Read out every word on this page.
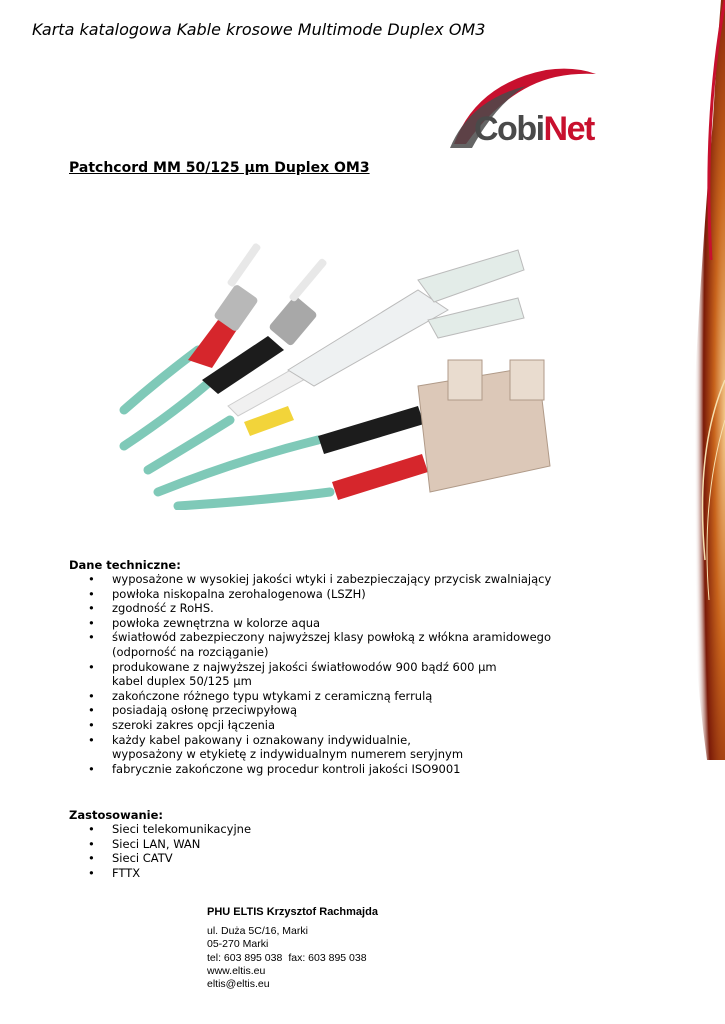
Karta katalogowa Kable krosowe Multimode Duplex OM3
CobiNet
Patchcord MM 50/125 µm Duplex OM3
Dane techniczne:
• wyposażone w wysokiej jakości wtyki i zabezpieczający przycisk zwalniający
• powłoka niskopalna zerohalogenowa (LSZH)
• zgodność z RoHS.
• powłoka zewnętrzna w kolorze aqua
• światłowód zabezpieczony najwyższej klasy powłoką z włókna aramidowego
(odporność na rozciąganie)
• produkowane z najwyższej jakości światłowodów 900 bądź 600 µm
kabel duplex 50/125 µm
• zakończone różnego typu wtykami z ceramiczną ferrulą
• posiadają osłonę przeciwpyłową
• szeroki zakres opcji łączenia
• każdy kabel pakowany i oznakowany indywidualnie,
wyposażony w etykietę z indywidualnym numerem seryjnym
• fabrycznie zakończone wg procedur kontroli jakości ISO9001
Zastosowanie:
• Sieci telekomunikacyjne
• Sieci LAN, WAN
• Sieci CATV
• FTTX
PHU ELTIS Krzysztof Rachmajda
ul. Duża 5C/16, Marki
05-270 Marki
tel: 603 895 038 fax: 603 895 038
www.eltis.eu
eltis@eltis.eu
